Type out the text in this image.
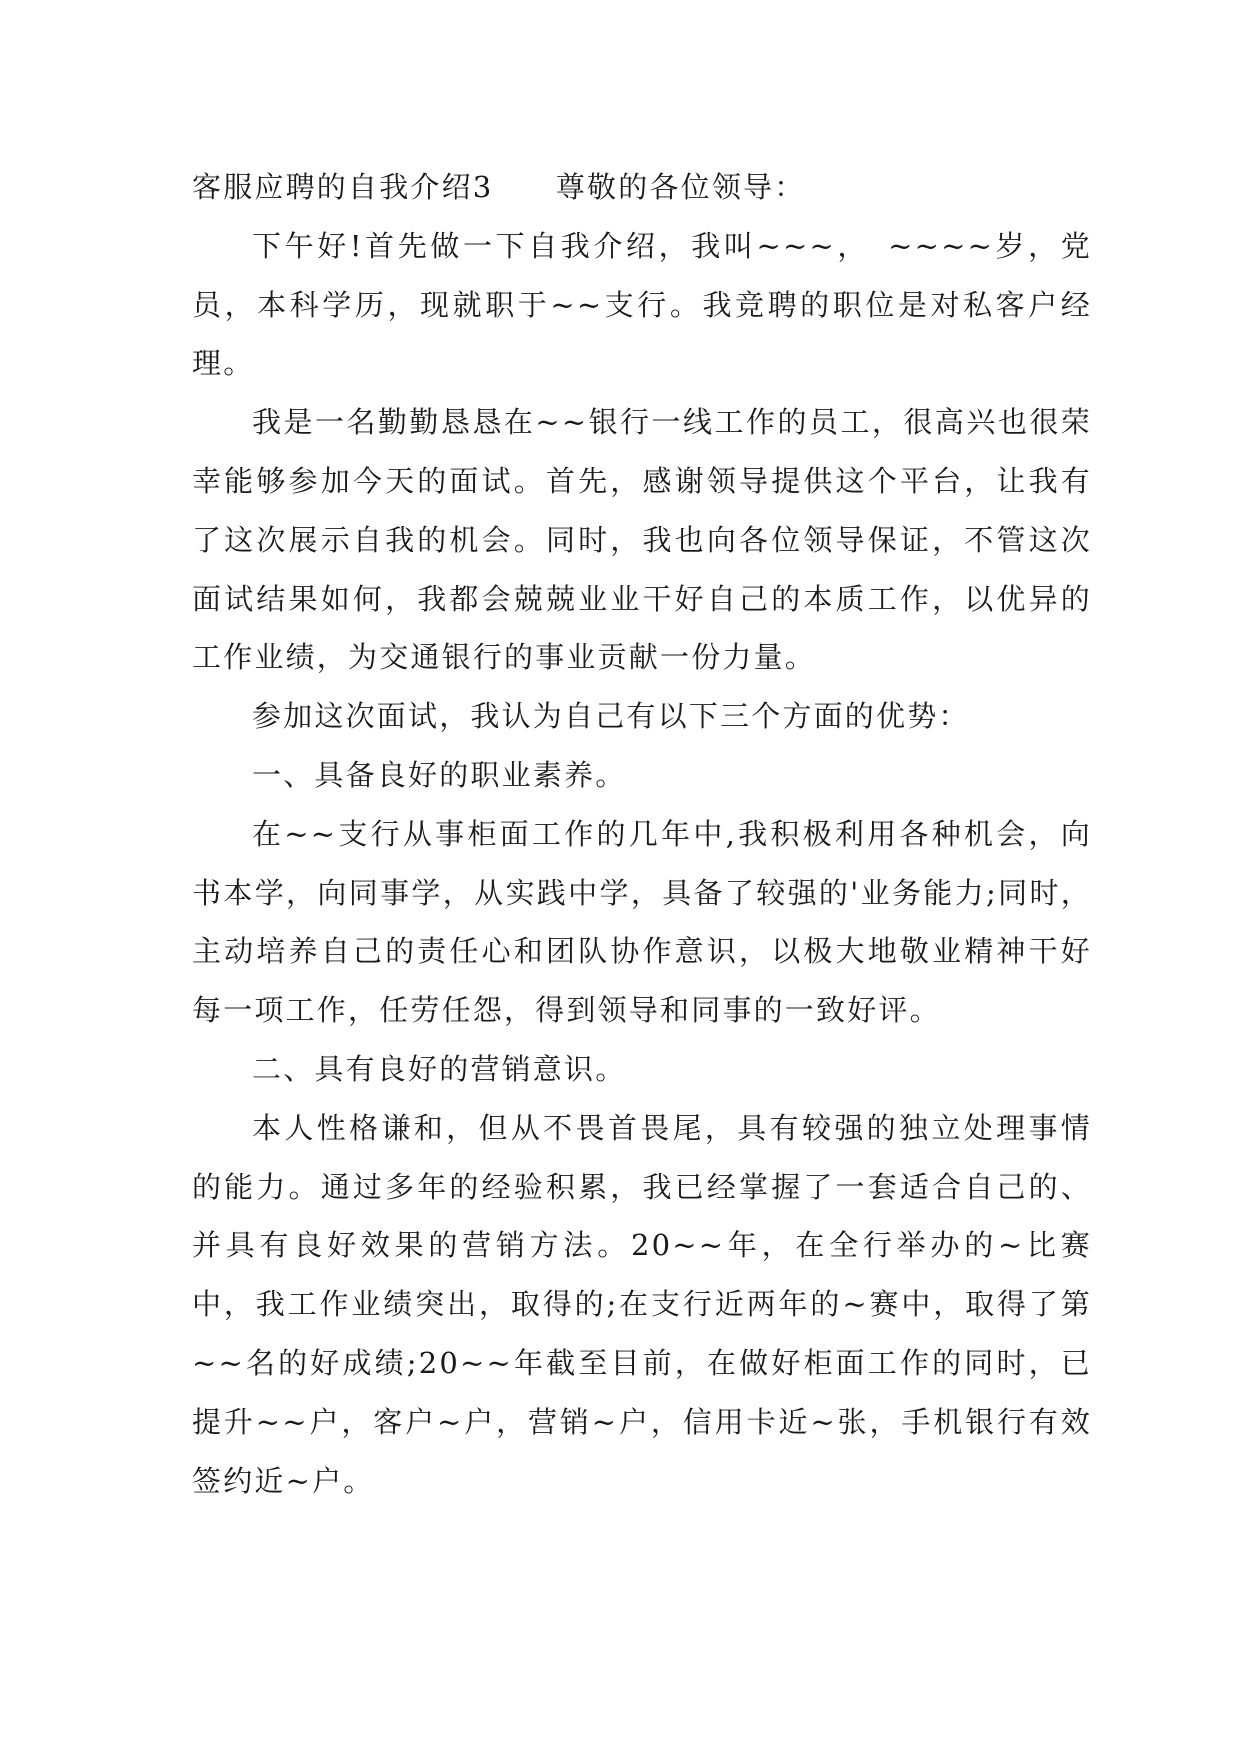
客服应聘的自我介绍3　　尊敬的各位领导：

下午好!首先做一下自我介绍，我叫~~~，　~~~~岁，党员，本科学历，现就职于~~支行。我竞聘的职位是对私客户经理。

我是一名勤勤恳恳在~~银行一线工作的员工，很高兴也很荣幸能够参加今天的面试。首先，感谢领导提供这个平台，让我有了这次展示自我的机会。同时，我也向各位领导保证，不管这次面试结果如何，我都会兢兢业业干好自己的本质工作，以优异的工作业绩，为交通银行的事业贡献一份力量。

参加这次面试，我认为自己有以下三个方面的优势：

一、具备良好的职业素养。

在~~支行从事柜面工作的几年中,我积极利用各种机会，向书本学，向同事学，从实践中学，具备了较强的'业务能力;同时，主动培养自己的责任心和团队协作意识，以极大地敬业精神干好每一项工作，任劳任怨，得到领导和同事的一致好评。

二、具有良好的营销意识。

本人性格谦和，但从不畏首畏尾，具有较强的独立处理事情的能力。通过多年的经验积累，我已经掌握了一套适合自己的、并具有良好效果的营销方法。20~~年，在全行举办的~比赛中，我工作业绩突出，取得的;在支行近两年的~赛中，取得了第~~名的好成绩;20~~年截至目前，在做好柜面工作的同时，已提升~~户，客户~户，营销~户，信用卡近~张，手机银行有效签约近~户。
